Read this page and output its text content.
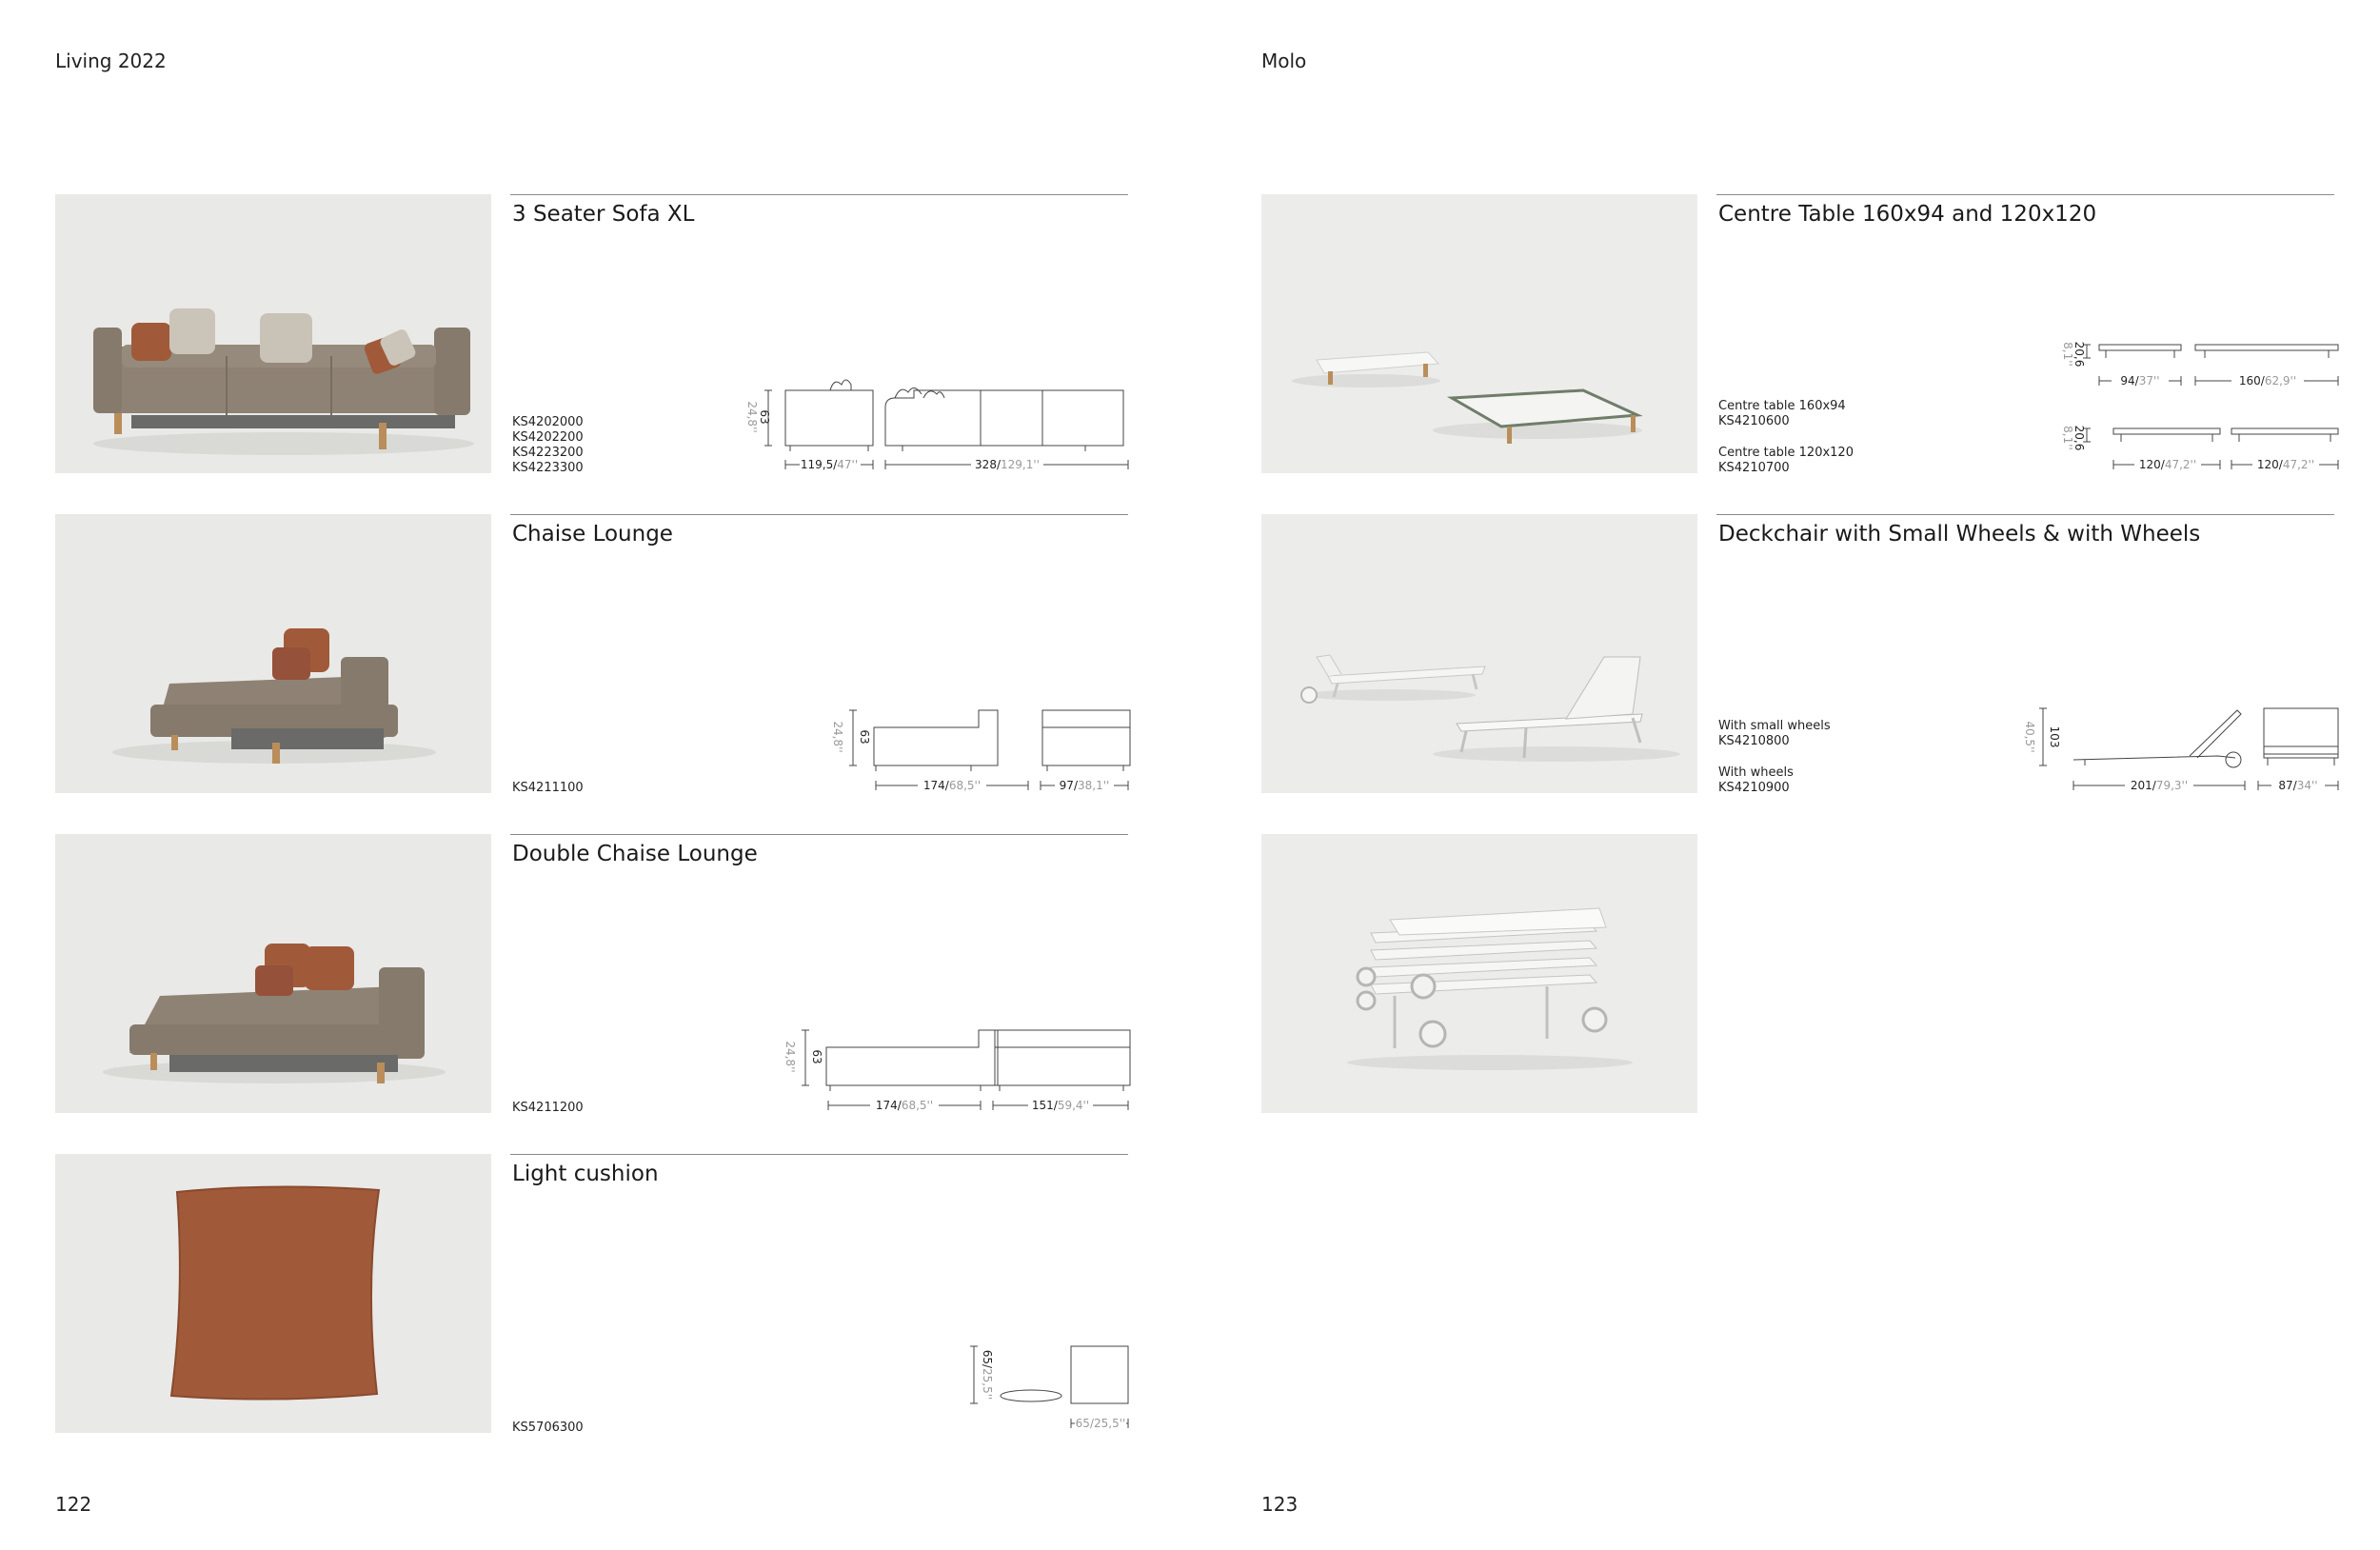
Living 2022
122
3 Seater Sofa XL
KS4202000
KS4202200
KS4223200
KS4223300
63
24,8''
119,5/47''	328/129,1''
Chaise Lounge
KS4211100
63
24,8''
174/68,5''	97/38,1''
Double Chaise Lounge
KS4211200
63
24,8''
174/68,5''	151/59,4''
Light cushion
KS5706300
65/25,5''
65/25,5''
Molo
123
Centre Table 160x94 and 120x120
Centre table 160x94
KS4210600
Centre table 120x120
KS4210700
20,6
8,1''
94/37''	160/62,9''
20,6
8,1''
120/47,2''	120/47,2''
Deckchair with Small Wheels & with Wheels
With small wheels
KS4210800
With wheels
KS4210900
103
40,5''
201/79,3''	87/34''
